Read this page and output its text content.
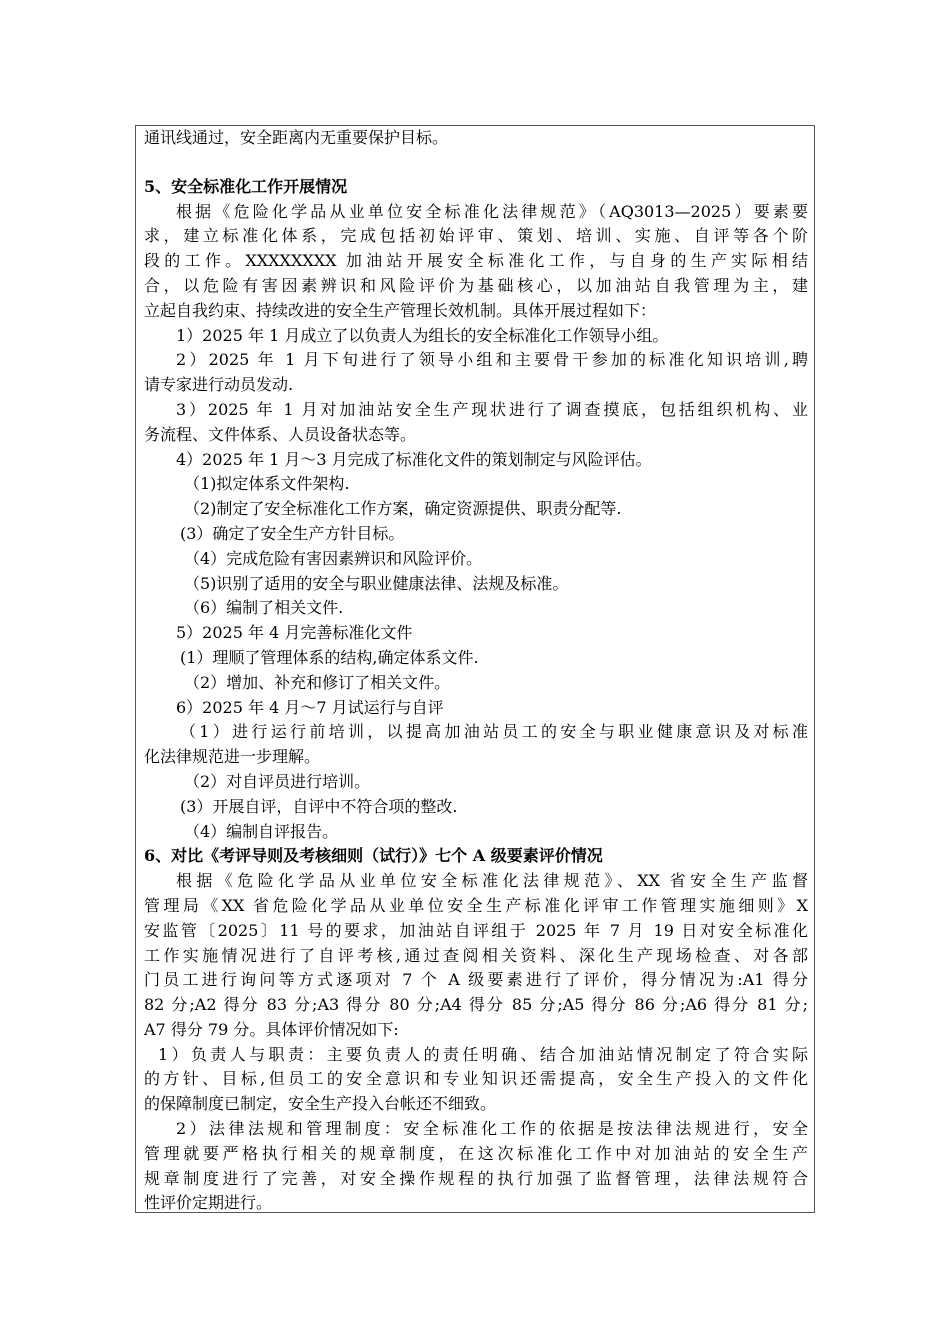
通讯线通过，安全距离内无重要保护目标。
5、安全标准化工作开展情况
根据《危险化学品从业单位安全标准化法律规范》（AQ3013—2025）要素要
求，建立标准化体系，完成包括初始评审、策划、培训、实施、自评等各个阶
段的工作。XXXXXXXX 加油站开展安全标准化工作，与自身的生产实际相结
合，以危险有害因素辨识和风险评价为基础核心，以加油站自我管理为主，建
立起自我约束、持续改进的安全生产管理长效机制。具体开展过程如下：
1）2025 年 1 月成立了以负责人为组长的安全标准化工作领导小组。
2）2025 年 1 月下旬进行了领导小组和主要骨干参加的标准化知识培训,聘
请专家进行动员发动.
3）2025 年 1 月对加油站安全生产现状进行了调查摸底，包括组织机构、业
务流程、文件体系、人员设备状态等。
4）2025 年 1 月～3 月完成了标准化文件的策划制定与风险评估。
（1)拟定体系文件架构.
（2)制定了安全标准化工作方案，确定资源提供、职责分配等.
(3）确定了安全生产方针目标。
（4）完成危险有害因素辨识和风险评价。
（5)识别了适用的安全与职业健康法律、法规及标准。
（6）编制了相关文件.
5）2025 年 4 月完善标准化文件
(1）理顺了管理体系的结构,确定体系文件.
（2）增加、补充和修订了相关文件。
6）2025 年 4 月～7 月试运行与自评
（1）进行运行前培训，以提高加油站员工的安全与职业健康意识及对标准
化法律规范进一步理解。
（2）对自评员进行培训。
(3）开展自评，自评中不符合项的整改.
（4）编制自评报告。
6、对比《考评导则及考核细则（试行）》七个 A 级要素评价情况
根据《危险化学品从业单位安全标准化法律规范》、XX 省安全生产监督
管理局《XX 省危险化学品从业单位安全生产标准化评审工作管理实施细则》X
安监管〔2025〕11 号的要求，加油站自评组于 2025 年 7 月 19 日对安全标准化
工作实施情况进行了自评考核,通过查阅相关资料、深化生产现场检查、对各部
门员工进行询问等方式逐项对 7 个 A 级要素进行了评价，得分情况为:A1 得分
82 分;A2 得分 83 分;A3 得分 80 分;A4 得分 85 分;A5 得分 86 分;A6 得分 81 分;
A7 得分 79 分。具体评价情况如下:
1）负责人与职责：主要负责人的责任明确、结合加油站情况制定了符合实际
的方针、目标,但员工的安全意识和专业知识还需提高，安全生产投入的文件化
的保障制度已制定，安全生产投入台帐还不细致。
2）法律法规和管理制度：安全标准化工作的依据是按法律法规进行，安全
管理就要严格执行相关的规章制度，在这次标准化工作中对加油站的安全生产
规章制度进行了完善，对安全操作规程的执行加强了监督管理，法律法规符合
性评价定期进行。
